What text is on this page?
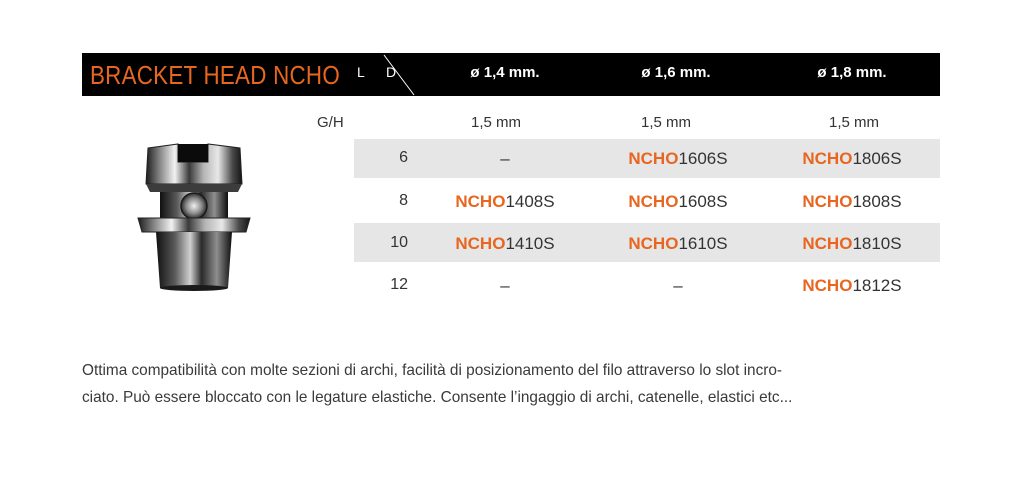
BRACKET HEAD NCHO L D	ø 1,4 mm.	ø 1,6 mm.	ø 1,8 mm.
G/H	1,5 mm	1,5 mm	1,5 mm
6	–	NCHO1606S	NCHO1806S
8	NCHO1408S	NCHO1608S	NCHO1808S
10	NCHO1410S	NCHO1610S	NCHO1810S
12	–	–	NCHO1812S

Ottima compatibilità con molte sezioni di archi, facilità di posizionamento del filo attraverso lo slot incro-

ciato. Può essere bloccato con le legature elastiche. Consente l’ingaggio di archi, catenelle, elastici etc...
